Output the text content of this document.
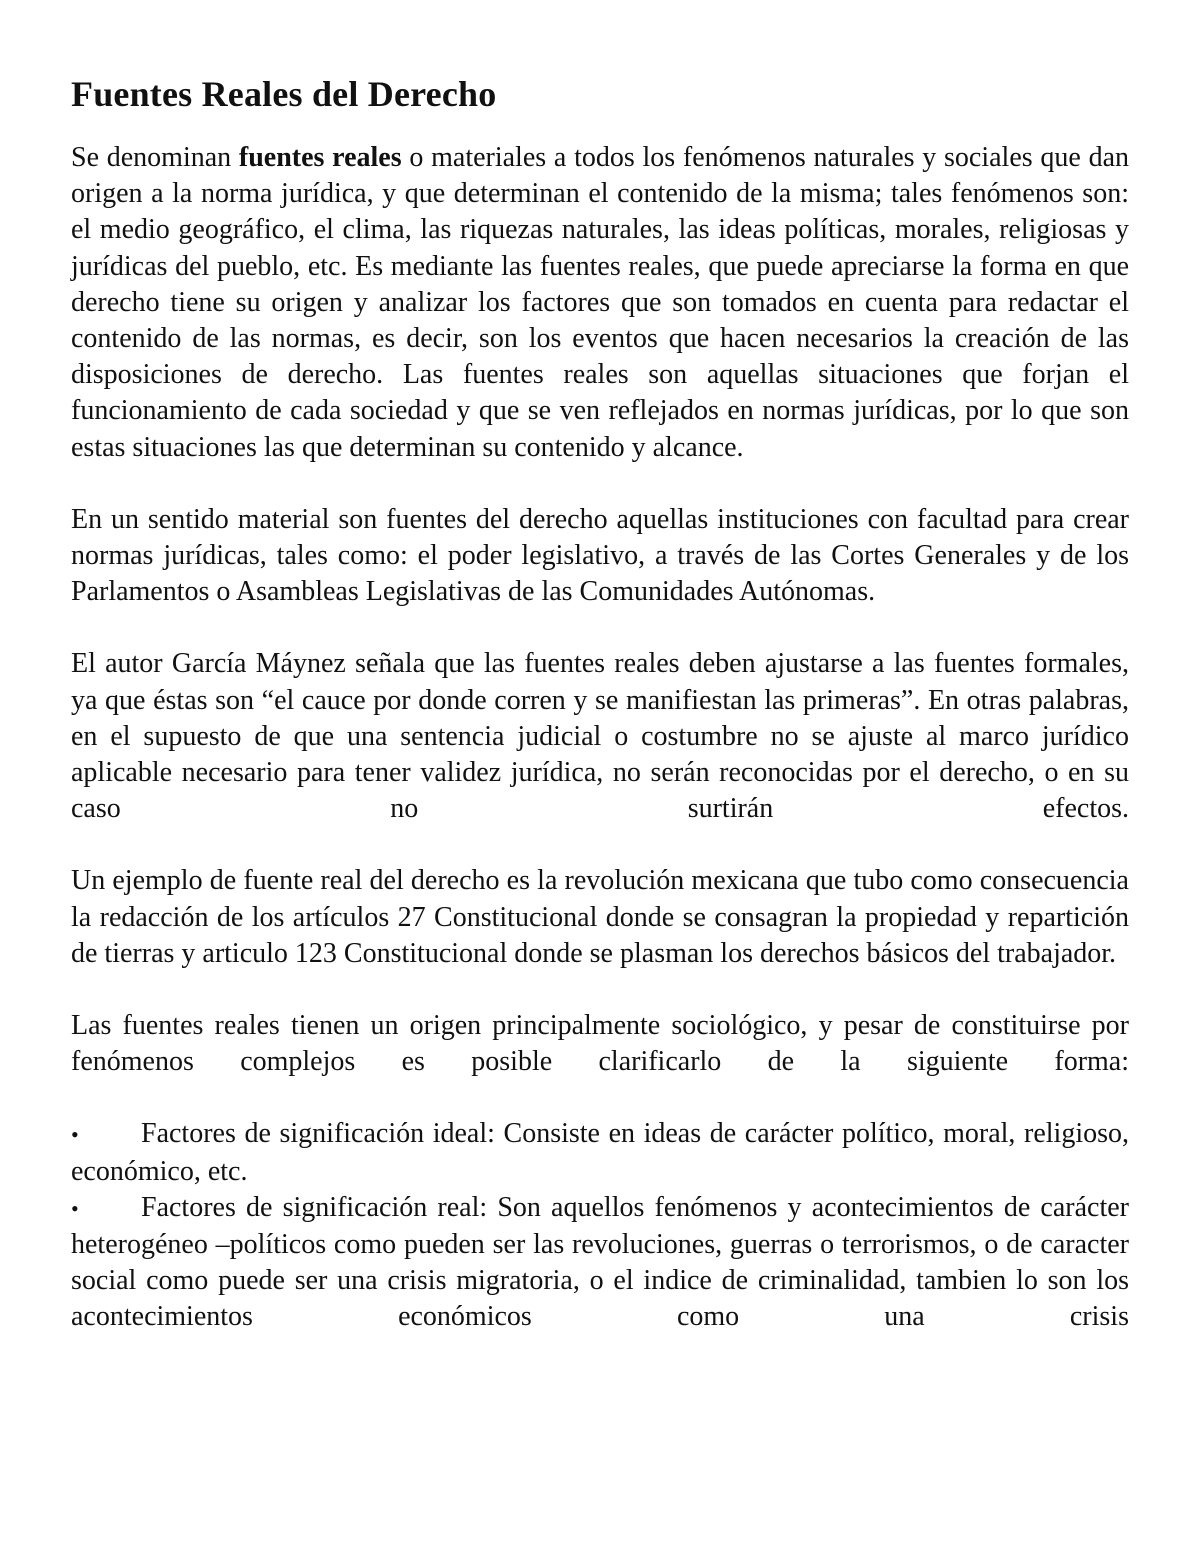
Fuentes Reales del Derecho

Se denominan fuentes reales o materiales a todos los fenómenos naturales y sociales que dan origen a la norma jurídica, y que determinan el contenido de la misma; tales fenómenos son: el medio geográfico, el clima, las riquezas naturales, las ideas políticas, morales, religiosas y jurídicas del pueblo, etc. Es mediante las fuentes reales, que puede apreciarse la forma en que derecho tiene su origen y analizar los factores que son tomados en cuenta para redactar el contenido de las normas, es decir, son los eventos que hacen necesarios la creación de las disposiciones de derecho. Las fuentes reales son aquellas situaciones que forjan el funcionamiento de cada sociedad y que se ven reflejados en normas jurídicas, por lo que son estas situaciones las que determinan su contenido y alcance.

En un sentido material son fuentes del derecho aquellas instituciones con facultad para crear normas jurídicas, tales como: el poder legislativo, a través de las Cortes Generales y de los Parlamentos o Asambleas Legislativas de las Comunidades Autónomas.

El autor García Máynez señala que las fuentes reales deben ajustarse a las fuentes formales, ya que éstas son “el cauce por donde corren y se manifiestan las primeras”. En otras palabras, en el supuesto de que una sentencia judicial o costumbre no se ajuste al marco jurídico aplicable necesario para tener validez jurídica, no serán reconocidas por el derecho, o en su caso no surtirán efectos.

Un ejemplo de fuente real del derecho es la revolución mexicana que tubo como consecuencia la redacción de los artículos 27 Constitucional donde se consagran la propiedad y repartición de tierras y articulo 123 Constitucional donde se plasman los derechos básicos del trabajador.

Las fuentes reales tienen un origen principalmente sociológico, y pesar de constituirse por fenómenos complejos es posible clarificarlo de la siguiente forma:

• Factores de significación ideal: Consiste en ideas de carácter político, moral, religioso, económico, etc.
• Factores de significación real: Son aquellos fenómenos y acontecimientos de carácter heterogéneo –políticos como pueden ser las revoluciones, guerras o terrorismos, o de caracter social como puede ser una crisis migratoria, o el indice de criminalidad, tambien lo son los acontecimientos económicos como una crisis
